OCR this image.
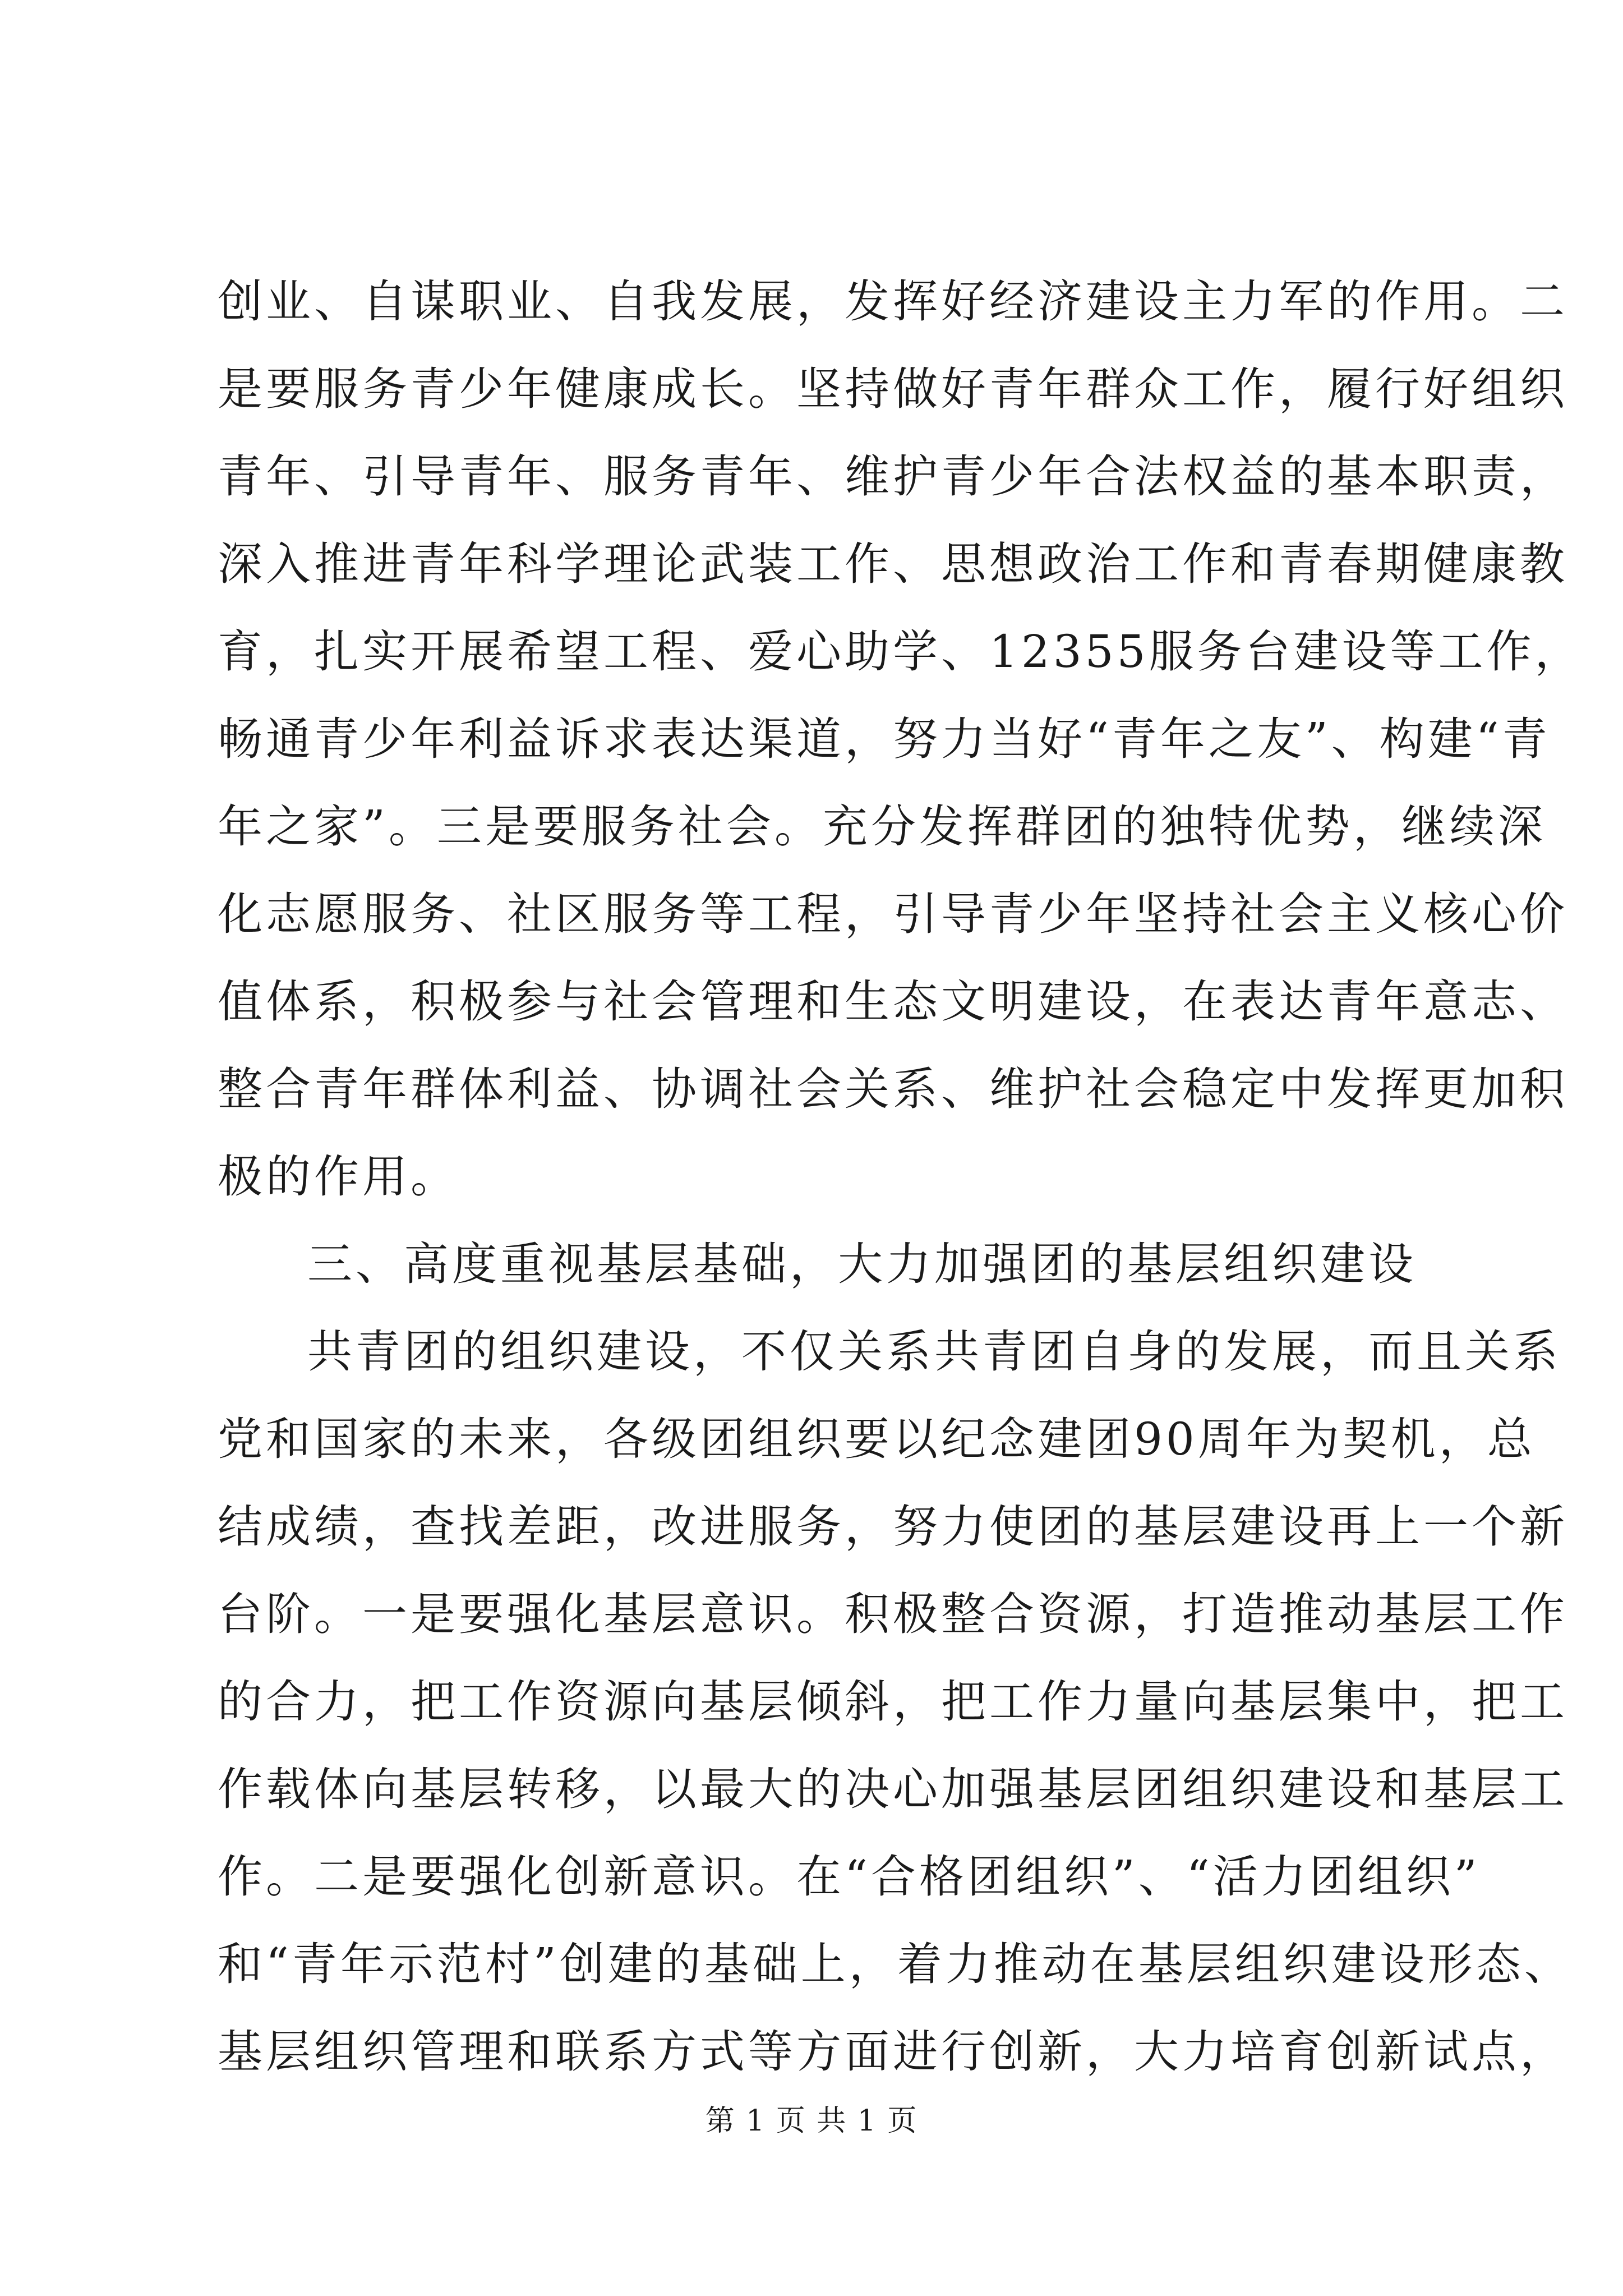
创业、自谋职业、自我发展，发挥好经济建设主力军的作用。二
是要服务青少年健康成长。坚持做好青年群众工作，履行好组织
青年、引导青年、服务青年、维护青少年合法权益的基本职责，
深入推进青年科学理论武装工作、思想政治工作和青春期健康教
育，扎实开展希望工程、爱心助学、12355服务台建设等工作，
畅通青少年利益诉求表达渠道，努力当好“青年之友”、构建“青
年之家”。三是要服务社会。充分发挥群团的独特优势，继续深
化志愿服务、社区服务等工程，引导青少年坚持社会主义核心价
值体系，积极参与社会管理和生态文明建设，在表达青年意志、
整合青年群体利益、协调社会关系、维护社会稳定中发挥更加积
极的作用。
三、高度重视基层基础，大力加强团的基层组织建设
共青团的组织建设，不仅关系共青团自身的发展，而且关系
党和国家的未来，各级团组织要以纪念建团90周年为契机，总
结成绩，查找差距，改进服务，努力使团的基层建设再上一个新
台阶。一是要强化基层意识。积极整合资源，打造推动基层工作
的合力，把工作资源向基层倾斜，把工作力量向基层集中，把工
作载体向基层转移，以最大的决心加强基层团组织建设和基层工
作。二是要强化创新意识。在“合格团组织”、“活力团组织”
和“青年示范村”创建的基础上，着力推动在基层组织建设形态、
基层组织管理和联系方式等方面进行创新，大力培育创新试点，
第 1 页 共 1 页
